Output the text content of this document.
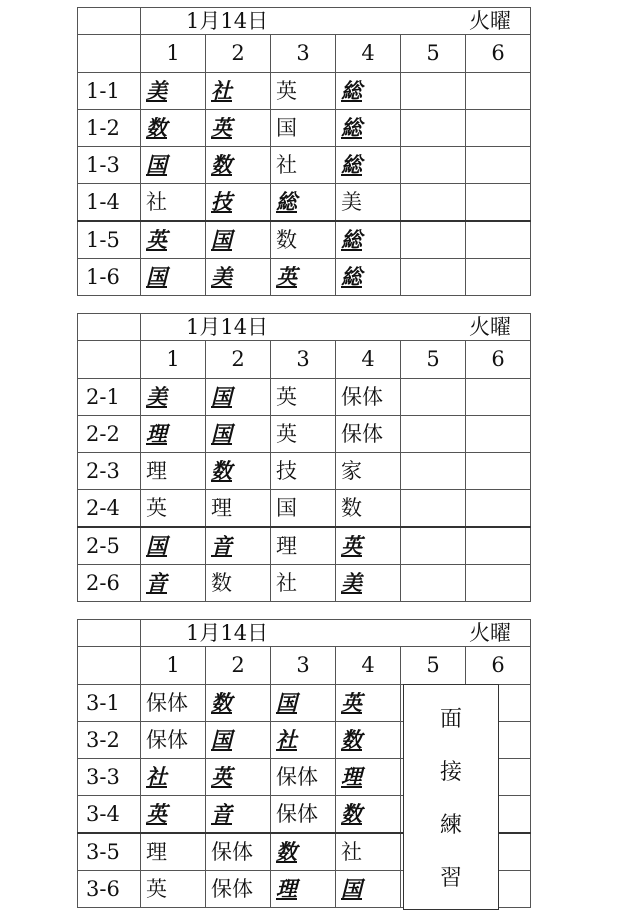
	1月14日 火曜					

	1	2	3	4	5	6
1-1	美	社	英	総		
1-2	数	英	国	総		
1-3	国	数	社	総		
1-4	社	技	総	美		
1-5	英	国	数	総		
1-6	国	美	英	総		
	1月14日 火曜					

	1	2	3	4	5	6
2-1	美	国	英	保体		
2-2	理	国	英	保体		
2-3	理	数	技	家		
2-4	英	理	国	数		
2-5	国	音	理	英		
2-6	音	数	社	美		
	1月14日 火曜					

	1	2	3	4	5	6
3-1	保体	数	国	英		
3-2	保体	国	社	数		
3-3	社	英	保体	理		
3-4	英	音	保体	数		
3-5	理	保体	数	社		
3-6	英	保体	理	国		
面
接
練
習
